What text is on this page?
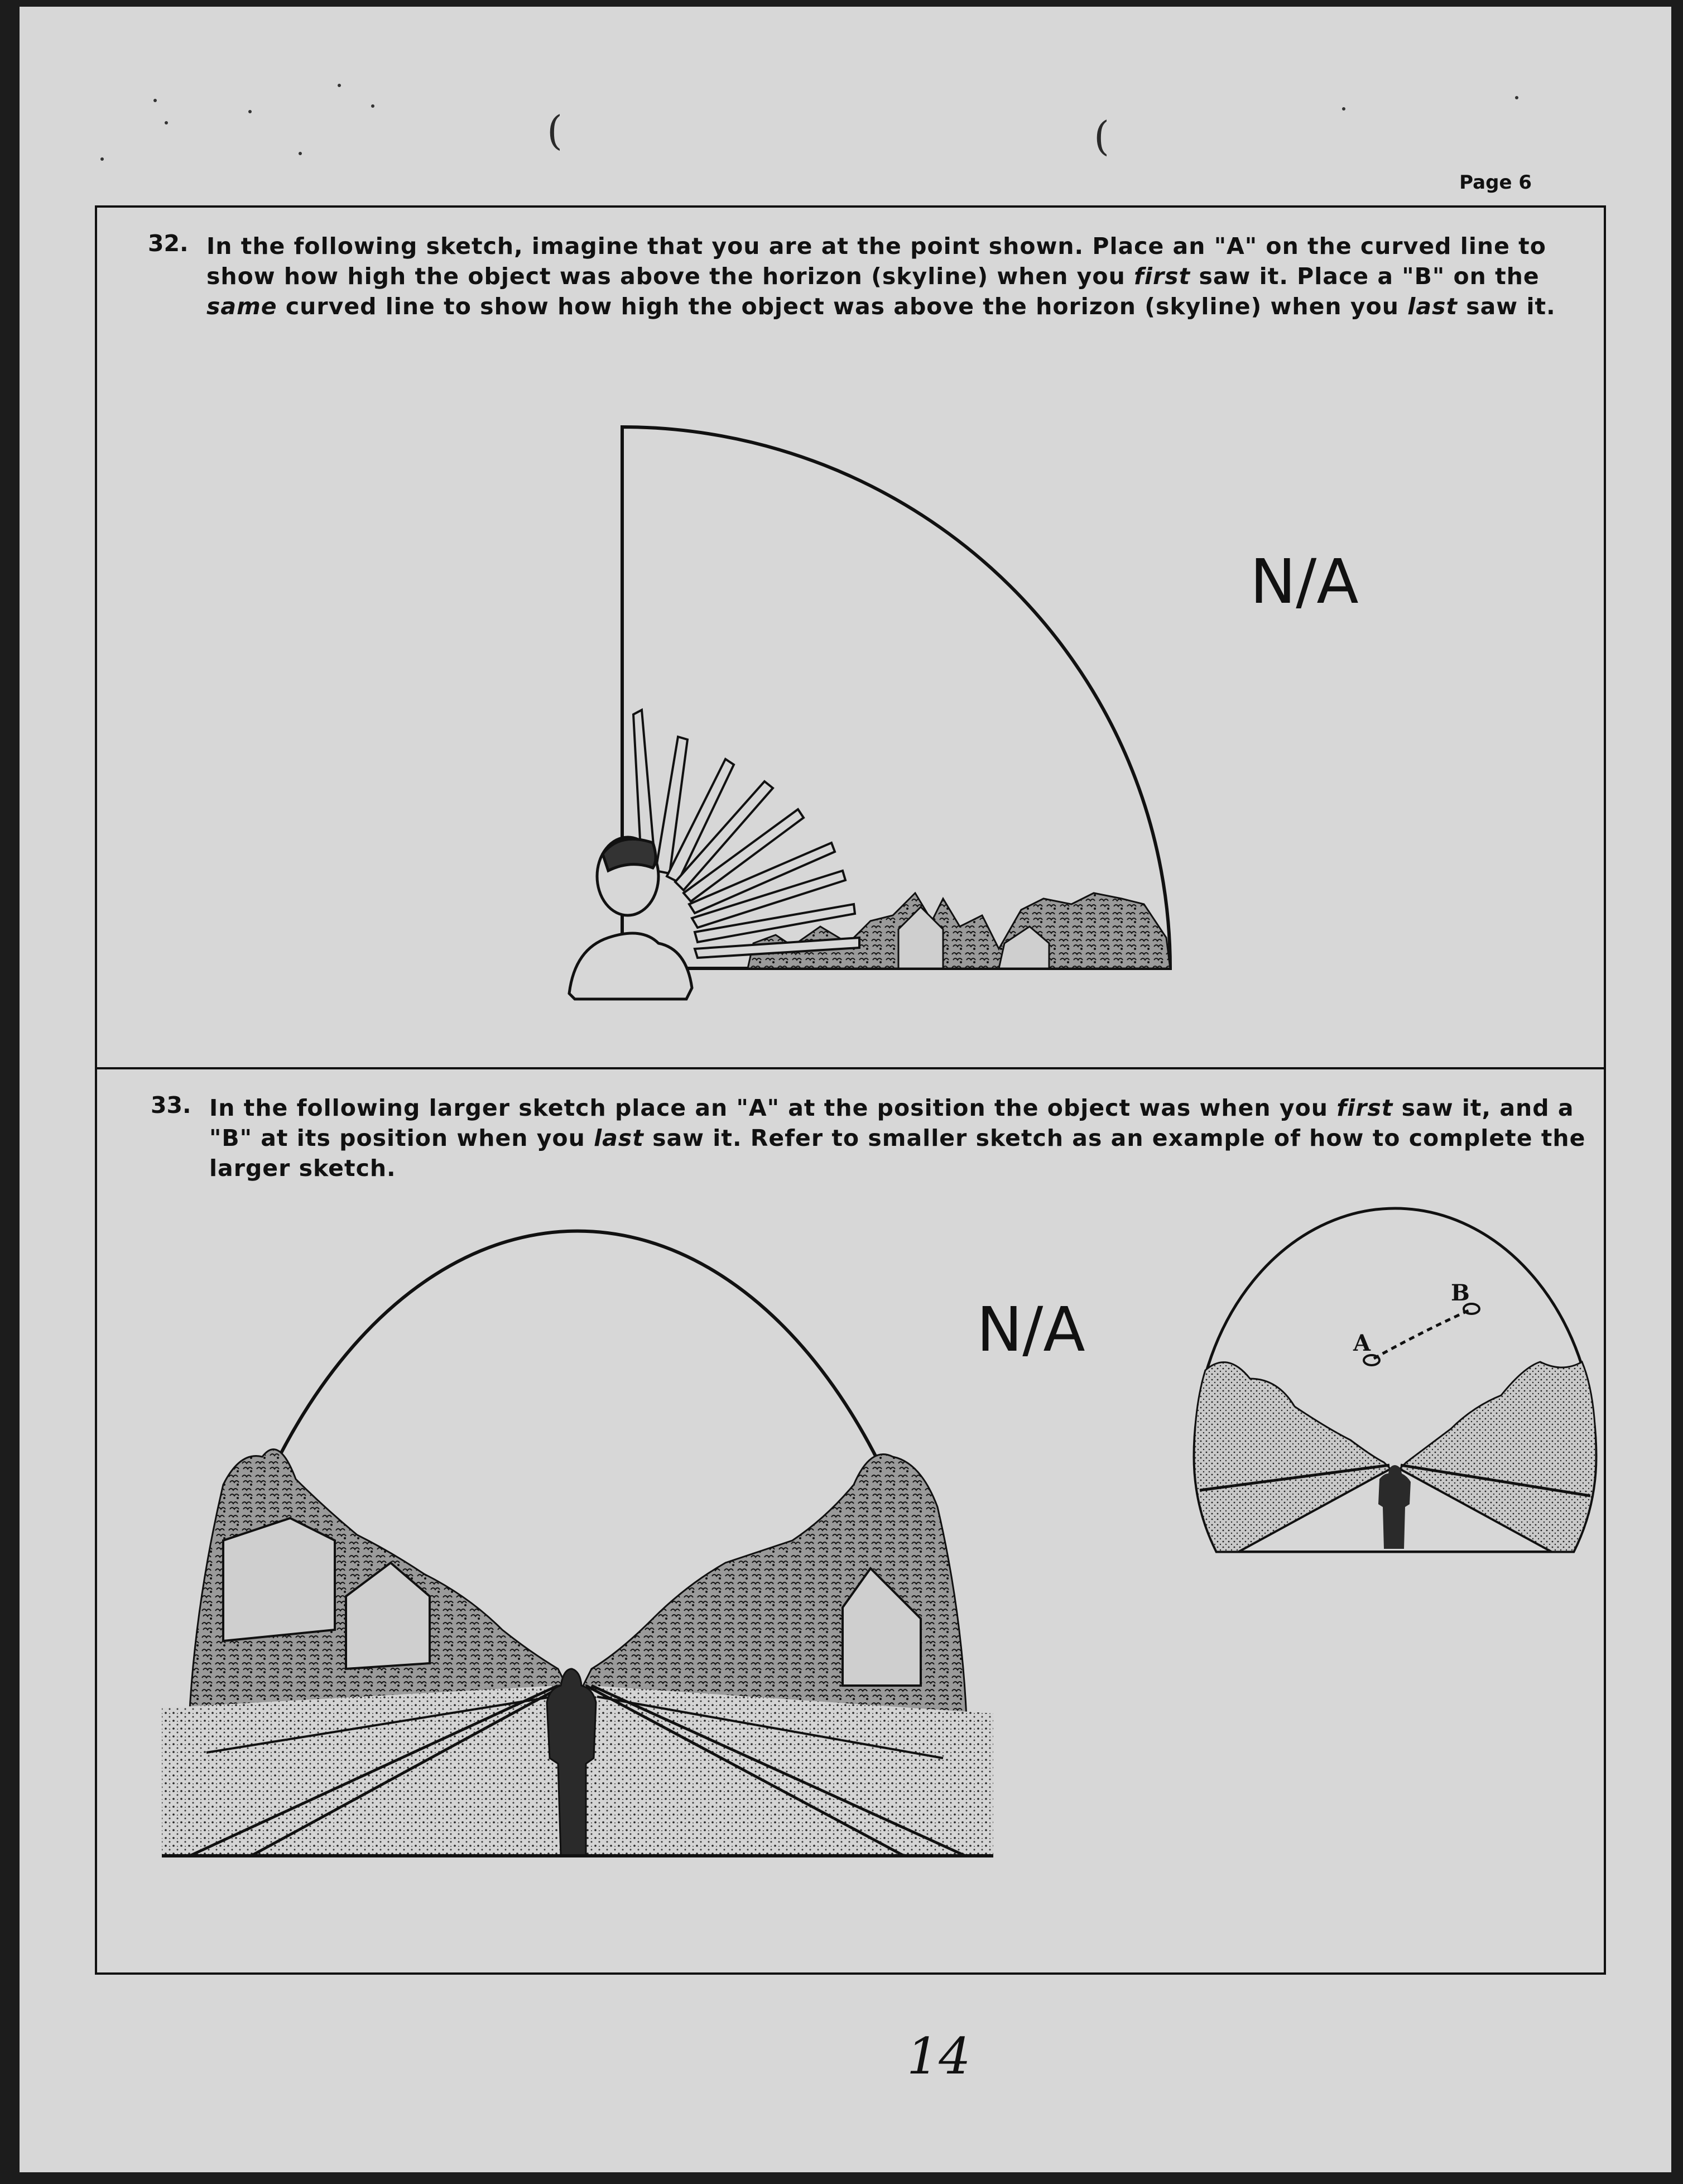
(	(
Page 6
32. In the following sketch, imagine that you are at the point shown. Place an "A" on the curved line to show how high the object was above the horizon (skyline) when you first saw it. Place a "B" on the same curved line to show how high the object was above the horizon (skyline) when you last saw it.
33. In the following larger sketch place an "A" at the position the object was when you first saw it, and a "B" at its position when you last saw it. Refer to smaller sketch as an example of how to complete the larger sketch.
A
B
N/A
N/A
14
